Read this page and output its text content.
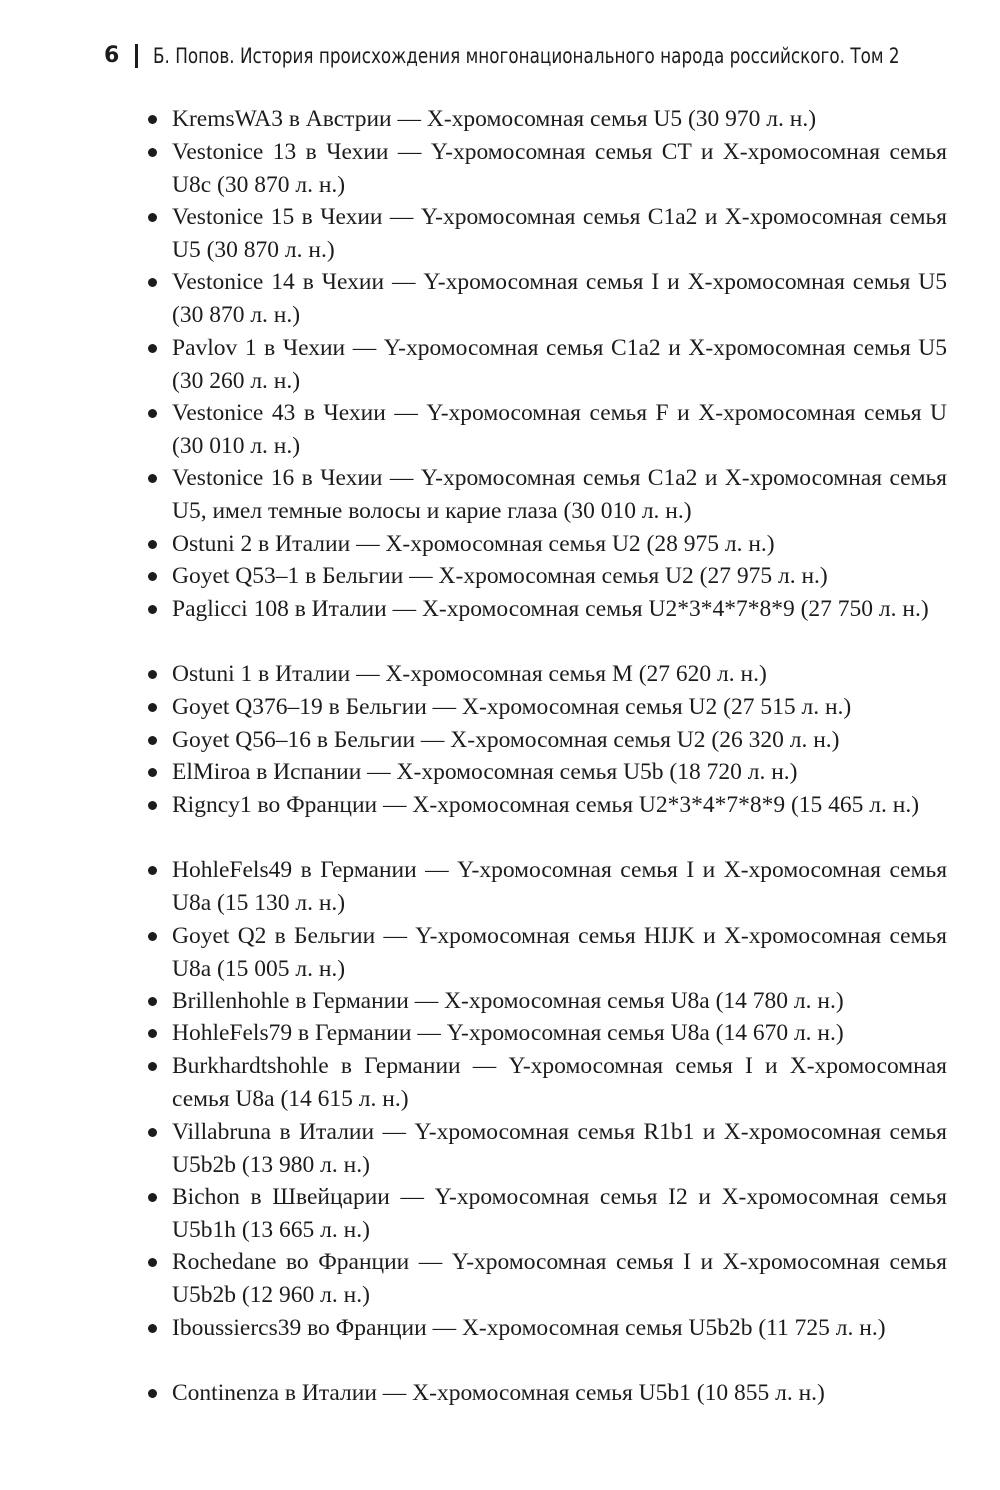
6 Б. Попов. История происхождения многонационального народа российского. Том 2
KremsWA3 в Австрии — X-хромосомная семья U5 (30 970 л. н.)
Vestonice 13 в Чехии — Y-хромосомная семья CT и X-хромосомная семья U8c (30 870 л. н.)
Vestonice 15 в Чехии — Y-хромосомная семья C1a2 и X-хромосомная семья U5 (30 870 л. н.)
Vestonice 14 в Чехии — Y-хромосомная семья I и X-хромосомная семья U5 (30 870 л. н.)
Pavlov 1 в Чехии — Y-хромосомная семья C1a2 и X-хромосомная семья U5 (30 260 л. н.)
Vestonice 43 в Чехии — Y-хромосомная семья F и X-хромосомная семья U (30 010 л. н.)
Vestonice 16 в Чехии — Y-хромосомная семья C1a2 и X-хромосомная семья U5, имел темные волосы и карие глаза (30 010 л. н.)
Ostuni 2 в Италии — X-хромосомная семья U2 (28 975 л. н.)
Goyet Q53–1 в Бельгии — X-хромосомная семья U2 (27 975 л. н.)
Paglicci 108 в Италии — X-хромосомная семья U2*3*4*7*8*9 (27 750 л. н.)
Ostuni 1 в Италии — X-хромосомная семья M (27 620 л. н.)
Goyet Q376–19 в Бельгии — X-хромосомная семья U2 (27 515 л. н.)
Goyet Q56–16 в Бельгии — X-хромосомная семья U2 (26 320 л. н.)
ElMiroa в Испании — X-хромосомная семья U5b (18 720 л. н.)
Rigncy1 во Франции — X-хромосомная семья U2*3*4*7*8*9 (15 465 л. н.)
HohleFels49 в Германии — Y-хромосомная семья I и X-хромосомная семья U8a (15 130 л. н.)
Goyet Q2 в Бельгии — Y-хромосомная семья HIJK и X-хромосомная семья U8a (15 005 л. н.)
Brillenhohle в Германии — X-хромосомная семья U8a (14 780 л. н.)
HohleFels79 в Германии — Y-хромосомная семья U8a (14 670 л. н.)
Burkhardtshohle в Германии — Y-хромосомная семья I и X-хромосомная семья U8a (14 615 л. н.)
Villabruna в Италии — Y-хромосомная семья R1b1 и X-хромосомная семья U5b2b (13 980 л. н.)
Bichon в Швейцарии — Y-хромосомная семья I2 и X-хромосомная семья U5b1h (13 665 л. н.)
Rochedane во Франции — Y-хромосомная семья I и X-хромосомная семья U5b2b (12 960 л. н.)
Iboussiercs39 во Франции — X-хромосомная семья U5b2b (11 725 л. н.)
Continenza в Италии — X-хромосомная семья U5b1 (10 855 л. н.)
